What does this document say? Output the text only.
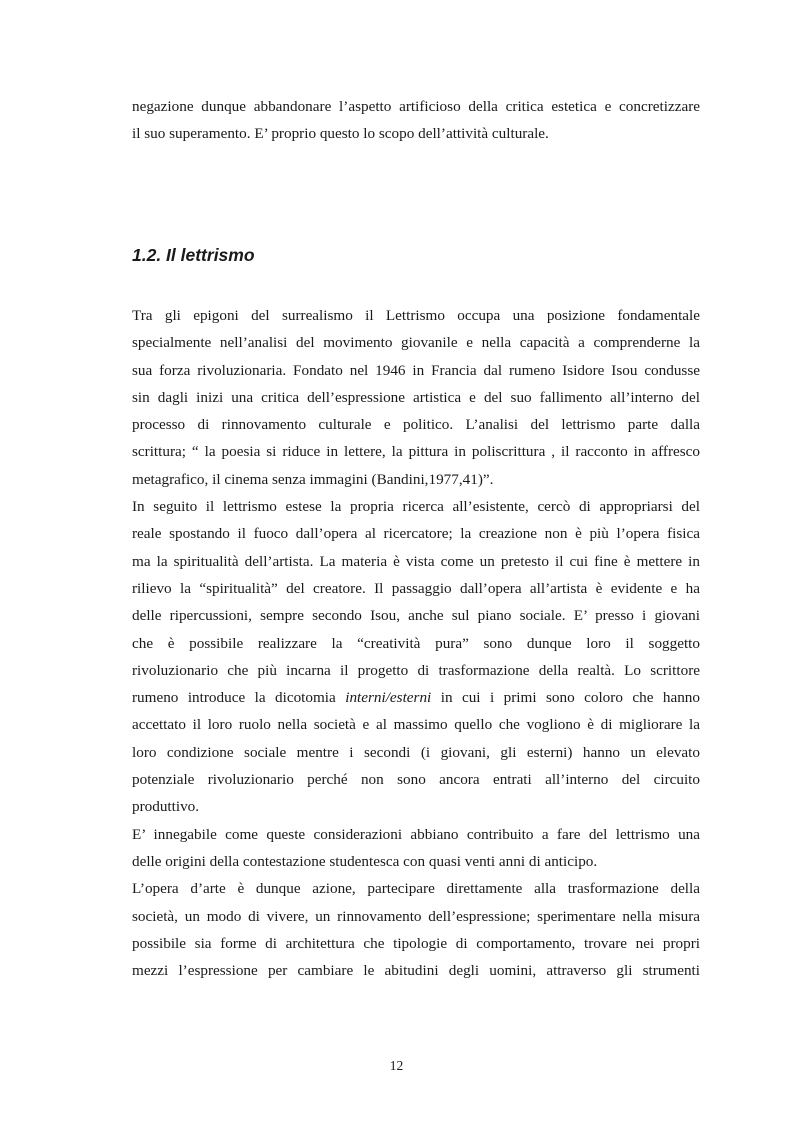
negazione dunque abbandonare l’aspetto artificioso della critica estetica e concretizzare
il suo superamento. E’ proprio questo lo scopo dell’attività culturale.
1.2. Il lettrismo
Tra gli epigoni del surrealismo il Lettrismo occupa una posizione fondamentale
specialmente nell’analisi del movimento giovanile e nella capacità a comprenderne la
sua forza rivoluzionaria. Fondato nel 1946 in Francia dal rumeno Isidore Isou condusse
sin dagli inizi una critica dell’espressione artistica e del suo fallimento all’interno del
processo di rinnovamento culturale e politico. L’analisi del lettrismo parte dalla
scrittura; “ la poesia si riduce in lettere, la pittura in poliscrittura , il racconto in affresco
metagrafico, il cinema senza immagini (Bandini,1977,41)”.
In seguito il lettrismo estese la propria ricerca all’esistente, cercò di appropriarsi del
reale spostando il fuoco dall’opera al ricercatore; la creazione non è più l’opera fisica
ma la spiritualità dell’artista. La materia è vista come un pretesto il cui fine è mettere in
rilievo la “spiritualità” del creatore. Il passaggio dall’opera all’artista è evidente e ha
delle ripercussioni, sempre secondo Isou, anche sul piano sociale. E’ presso i giovani
che è possibile realizzare la “creatività pura” sono dunque loro il soggetto
rivoluzionario che più incarna il progetto di trasformazione della realtà. Lo scrittore
rumeno introduce la dicotomia interni/esterni in cui i primi sono coloro che hanno
accettato il loro ruolo nella società e al massimo quello che vogliono è di migliorare la
loro condizione sociale mentre i secondi (i giovani, gli esterni) hanno un elevato
potenziale rivoluzionario perché non sono ancora entrati all’interno del circuito
produttivo.
E’ innegabile come queste considerazioni abbiano contribuito a fare del lettrismo una
delle origini della contestazione studentesca con quasi venti anni di anticipo.
L’opera d’arte è dunque azione, partecipare direttamente alla trasformazione della
società, un modo di vivere, un rinnovamento dell’espressione; sperimentare nella misura
possibile sia forme di architettura che tipologie di comportamento, trovare nei propri
mezzi l’espressione per cambiare le abitudini degli uomini, attraverso gli strumenti
12
